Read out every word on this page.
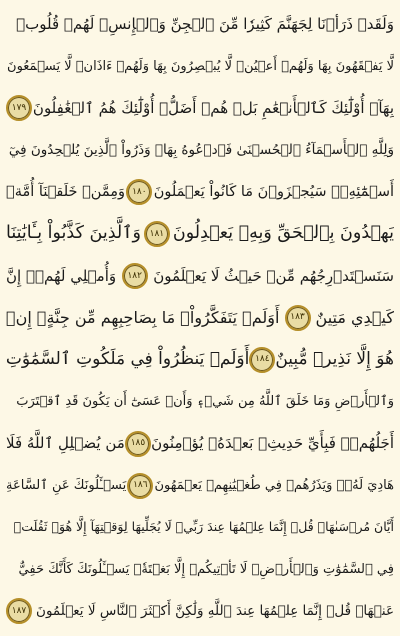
وَلَقَدۡ ذَرَأۡنَا لِجَهَنَّمَ كَثِيرٗا مِّنَ ٱلۡجِنِّ وَٱلۡإِنسِۖ لَهُمۡ قُلُوبٞ
لَّا يَفۡقَهُونَ بِهَا وَلَهُمۡ أَعۡيُنٞ لَّا يُبۡصِرُونَ بِهَا وَلَهُمۡ ءَاذَانٞ لَّا يَسۡمَعُونَ
بِهَآۚ أُوْلَٰٓئِكَ كَٱلۡأَنۡعَٰمِ بَلۡ هُمۡ أَضَلُّۚ أُوْلَٰٓئِكَ هُمُ ٱلۡغَٰفِلُونَ
١٧٩
وَلِلَّهِ ٱلۡأَسۡمَآءُ ٱلۡحُسۡنَىٰ فَٱدۡعُوهُ بِهَاۖ وَذَرُواْ ٱلَّذِينَ يُلۡحِدُونَ فِيٓ
أَسۡمَٰٓئِهِۦۚ سَيُجۡزَوۡنَ مَا كَانُواْ يَعۡمَلُونَ
١٨٠
وَمِمَّنۡ خَلَقۡنَآ أُمَّةٞ
يَهۡدُونَ بِٱلۡحَقِّ وَبِهِۦ يَعۡدِلُونَ
١٨١
وَٱلَّذِينَ كَذَّبُواْ بِـَٔايَٰتِنَا
سَنَسۡتَدۡرِجُهُم مِّنۡ حَيۡثُ لَا يَعۡلَمُونَ
١٨٢
وَأُمۡلِي لَهُمۡۚ إِنَّ
كَيۡدِي مَتِينٌ
١٨٣
أَوَلَمۡ يَتَفَكَّرُواْۗ مَا بِصَاحِبِهِم مِّن جِنَّةٍۚ إِنۡ
هُوَ إِلَّا نَذِيرٞ مُّبِينٌ
١٨٤
أَوَلَمۡ يَنظُرُواْ فِي مَلَكُوتِ ٱلسَّمَٰوَٰتِ
وَٱلۡأَرۡضِ وَمَا خَلَقَ ٱللَّهُ مِن شَيۡءٖ وَأَنۡ عَسَىٰٓ أَن يَكُونَ قَدِ ٱقۡتَرَبَ
أَجَلُهُمۡۖ فَبِأَيِّ حَدِيثِۭ بَعۡدَهُۥ يُؤۡمِنُونَ
١٨٥
مَن يُضۡلِلِ ٱللَّهُ فَلَا
هَادِيَ لَهُۥۚ وَيَذَرُهُمۡ فِي طُغۡيَٰنِهِمۡ يَعۡمَهُونَ
١٨٦
يَسۡـَٔلُونَكَ عَنِ ٱلسَّاعَةِ
أَيَّانَ مُرۡسَىٰهَاۖ قُلۡ إِنَّمَا عِلۡمُهَا عِندَ رَبِّيۖ لَا يُجَلِّيهَا لِوَقۡتِهَآ إِلَّا هُوَۚ ثَقُلَتۡ
فِي ٱلسَّمَٰوَٰتِ وَٱلۡأَرۡضِۚ لَا تَأۡتِيكُمۡ إِلَّا بَغۡتَةٗۗ يَسۡـَٔلُونَكَ كَأَنَّكَ حَفِيٌّ
عَنۡهَاۖ قُلۡ إِنَّمَا عِلۡمُهَا عِندَ ٱللَّهِ وَلَٰكِنَّ أَكۡثَرَ ٱلنَّاسِ لَا يَعۡلَمُونَ
١٨٧
